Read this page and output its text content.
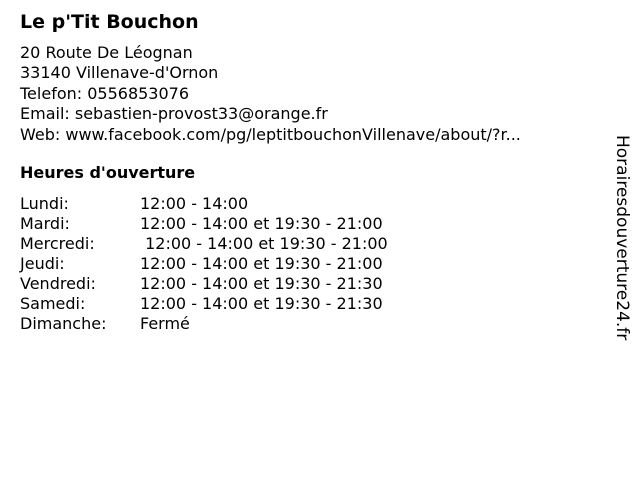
Le p'Tit Bouchon
20 Route De Léognan
33140 Villenave-d'Ornon
Telefon: 0556853076
Email: sebastien-provost33@orange.fr
Web: www.facebook.com/pg/leptitbouchonVillenave/about/?r...
Heures d'ouverture
Lundi:	12:00 - 14:00
Mardi:	12:00 - 14:00 et 19:30 - 21:00
Mercredi:	12:00 - 14:00 et 19:30 - 21:00
Jeudi:	12:00 - 14:00 et 19:30 - 21:00
Vendredi:	12:00 - 14:00 et 19:30 - 21:30
Samedi:	12:00 - 14:00 et 19:30 - 21:30
Dimanche:	Fermé	Horairesdouverture24.fr
